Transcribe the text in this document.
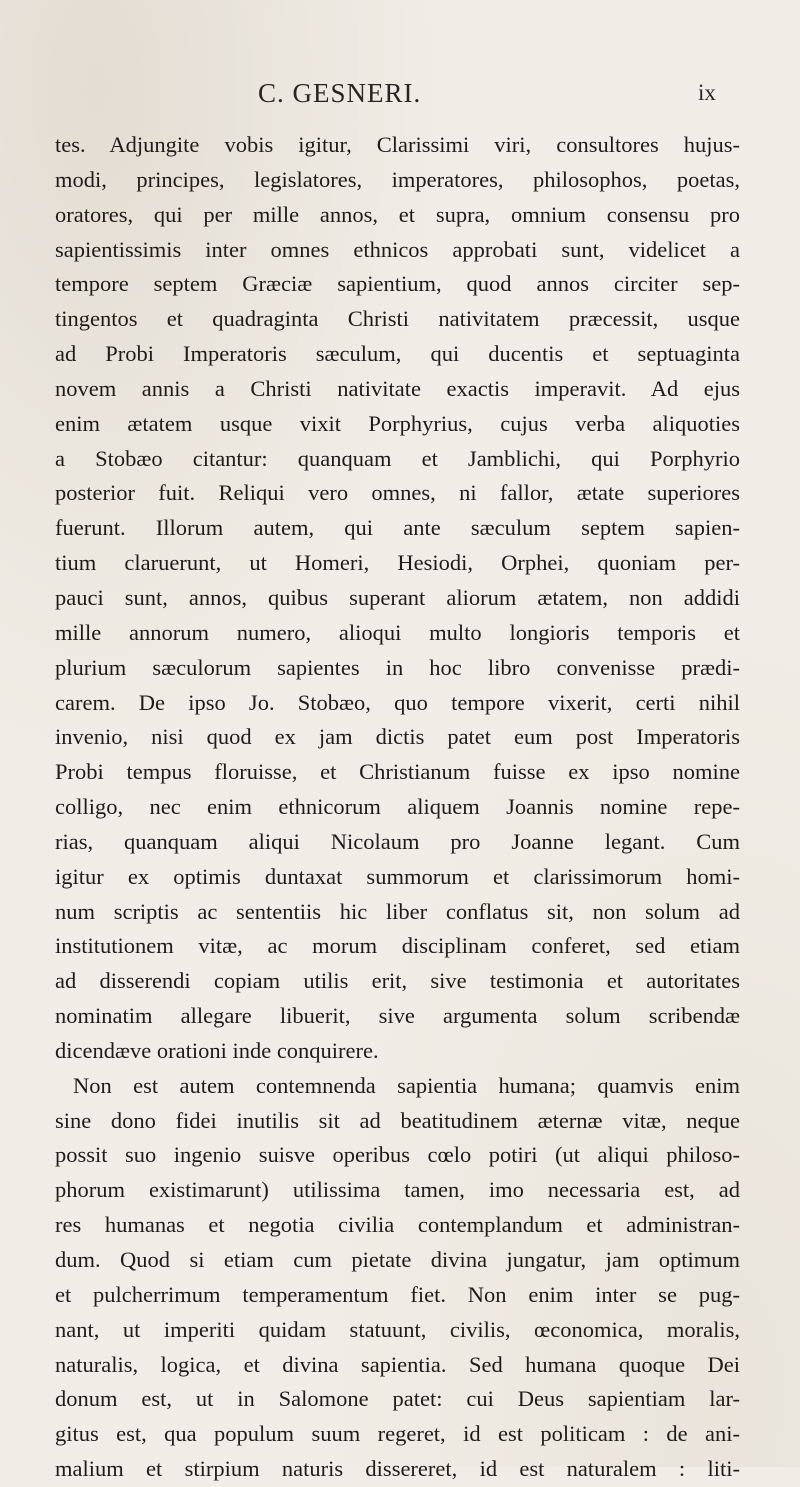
C. GESNERI.	ix
tes. Adjungite vobis igitur, Clarissimi viri, consultores hujus-
modi, principes, legislatores, imperatores, philosophos, poetas,
oratores, qui per mille annos, et supra, omnium consensu pro
sapientissimis inter omnes ethnicos approbati sunt, videlicet a
tempore septem Græciæ sapientium, quod annos circiter sep-
tingentos et quadraginta Christi nativitatem præcessit, usque
ad Probi Imperatoris sæculum, qui ducentis et septuaginta
novem annis a Christi nativitate exactis imperavit. Ad ejus
enim ætatem usque vixit Porphyrius, cujus verba aliquoties
a Stobæo citantur: quanquam et Jamblichi, qui Porphyrio
posterior fuit. Reliqui vero omnes, ni fallor, ætate superiores
fuerunt. Illorum autem, qui ante sæculum septem sapien-
tium claruerunt, ut Homeri, Hesiodi, Orphei, quoniam per-
pauci sunt, annos, quibus superant aliorum ætatem, non addidi
mille annorum numero, alioqui multo longioris temporis et
plurium sæculorum sapientes in hoc libro convenisse prædi-
carem. De ipso Jo. Stobæo, quo tempore vixerit, certi nihil
invenio, nisi quod ex jam dictis patet eum post Imperatoris
Probi tempus floruisse, et Christianum fuisse ex ipso nomine
colligo, nec enim ethnicorum aliquem Joannis nomine repe-
rias, quanquam aliqui Nicolaum pro Joanne legant. Cum
igitur ex optimis duntaxat summorum et clarissimorum homi-
num scriptis ac sententiis hic liber conflatus sit, non solum ad
institutionem vitæ, ac morum disciplinam conferet, sed etiam
ad disserendi copiam utilis erit, sive testimonia et autoritates
nominatim allegare libuerit, sive argumenta solum scribendæ
dicendæve orationi inde conquirere.
Non est autem contemnenda sapientia humana; quamvis enim
sine dono fidei inutilis sit ad beatitudinem æternæ vitæ, neque
possit suo ingenio suisve operibus cœlo potiri (ut aliqui philoso-
phorum existimarunt) utilissima tamen, imo necessaria est, ad
res humanas et negotia civilia contemplandum et administran-
dum. Quod si etiam cum pietate divina jungatur, jam optimum
et pulcherrimum temperamentum fiet. Non enim inter se pug-
nant, ut imperiti quidam statuunt, civilis, œconomica, moralis,
naturalis, logica, et divina sapientia. Sed humana quoque Dei
donum est, ut in Salomone patet: cui Deus sapientiam lar-
gitus est, qua populum suum regeret, id est politicam : de ani-
malium et stirpium naturis dissereret, id est naturalem : liti-
